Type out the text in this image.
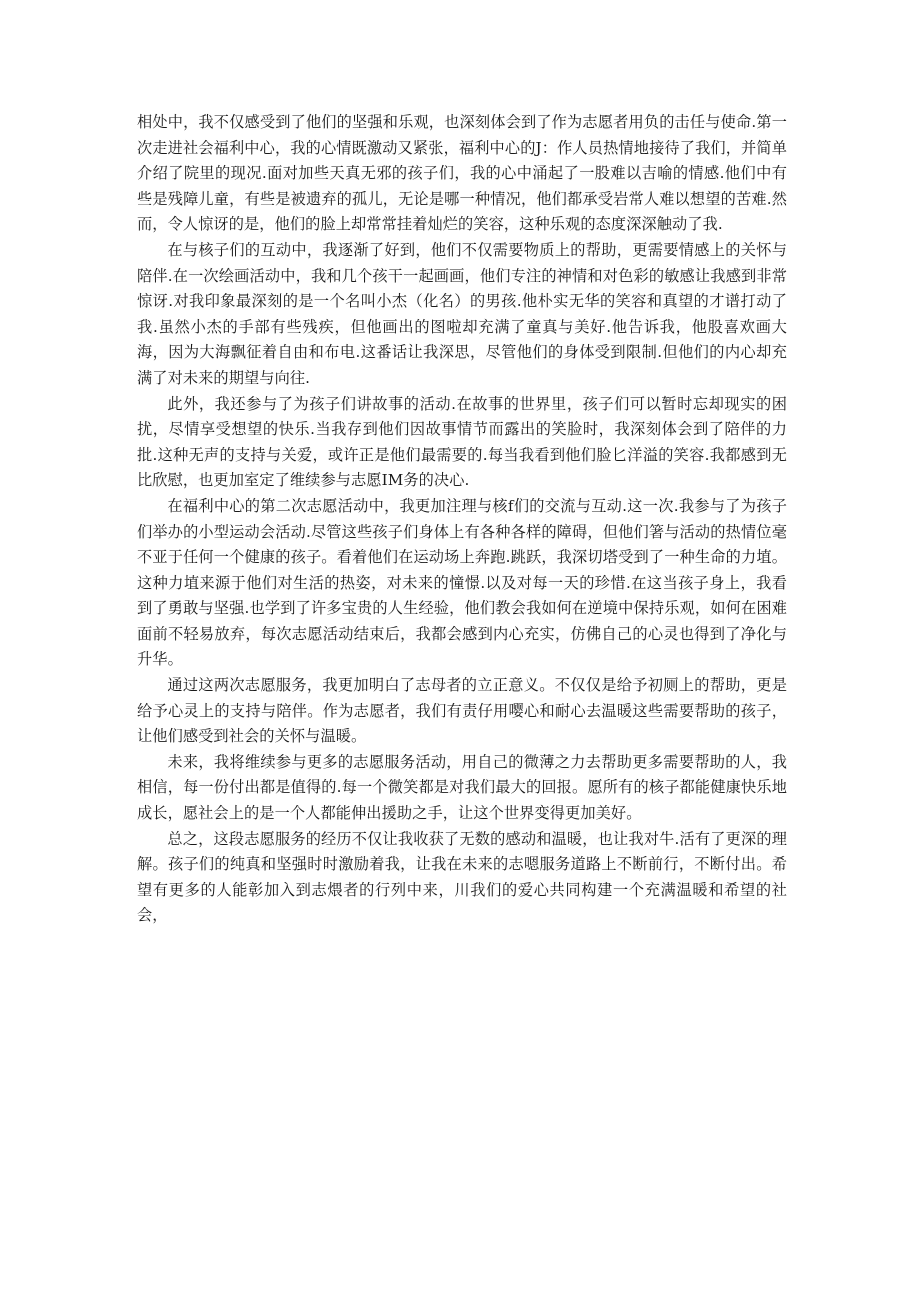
相处中，我不仅感受到了他们的坚强和乐观，也深刻体会到了作为志愿者用负的击任与使命.第一次走进社会福利中心，我的心情既激动又紧张，福利中心的J：作人员热情地接待了我们，并简单介绍了院里的现况.面对加些天真无邪的孩子们，我的心中涌起了一股难以吉喻的情感.他们中有些是残障儿童，有些是被遗弃的孤儿，无论是哪一种情况，他们都承受岩常人难以想望的苦难.然而，令人惊讶的是，他们的脸上却常常挂着灿烂的笑容，这种乐观的态度深深触动了我.

在与核子们的互动中，我逐渐了好到，他们不仅需要物质上的帮助，更需要情感上的关怀与陪伴.在一次绘画活动中，我和几个孩干一起画画，他们专注的神情和对色彩的敏感让我感到非常惊讶.对我印象最深刻的是一个名叫小杰（化名）的男孩.他朴实无华的笑容和真望的才谱打动了我.虽然小杰的手部有些残疾，但他画出的图啦却充满了童真与美好.他告诉我，他股喜欢画大海，因为大海飘征着自由和布电.这番话让我深思，尽管他们的身体受到限制.但他们的内心却充满了对未来的期望与向往.

此外，我还参与了为孩子们讲故事的活动.在故事的世界里，孩子们可以暂时忘却现实的困扰，尽情享受想望的快乐.当我存到他们因故事情节而露出的笑脸时，我深刻体会到了陪伴的力批.这种无声的支持与关爱，或许正是他们最需要的.每当我看到他们脸匕洋溢的笑容.我都感到无比欣慰，也更加室定了维续参与志愿IM务的决心.

在福利中心的第二次志愿活动中，我更加注理与核f们的交流与互动.这一次.我参与了为孩子们举办的小型运动会活动.尽管这些孩子们身体上有各种各样的障碍，但他们箸与活动的热情位毫不亚于任何一个健康的孩子。看着他们在运动场上奔跑.跳跃，我深切塔受到了一种生命的力埴。这种力埴来源于他们对生活的热姿，对未来的憧憬.以及对每一天的珍惜.在这当孩子身上，我看到了勇敢与坚强.也学到了许多宝贵的人生经验，他们教会我如何在逆境中保持乐观，如何在困难面前不轻易放弃，每次志愿活动结束后，我都会感到内心充实，仿佛自己的心灵也得到了净化与升华。

通过这两次志愿服务，我更加明白了志母者的立正意义。不仅仅是给予初厕上的帮助，更是给予心灵上的支持与陪伴。作为志愿者，我们有责仔用嘤心和耐心去温暖这些需要帮助的孩子，让他们感受到社会的关怀与温暖。

未来，我将维续参与更多的志愿服务活动，用自己的微薄之力去帮助更多需要帮助的人，我相信，每一份付出都是值得的.每一个微笑都是对我们最大的回报。愿所有的核子都能健康快乐地成长，愿社会上的是一个人都能伸出援助之手，让这个世界变得更加美好。

总之，这段志愿服务的经历不仅让我收获了无数的感动和温暖，也让我对牛.活有了更深的理解。孩子们的纯真和坚强时时激励着我，让我在未来的志嗯服务道路上不断前行，不断付出。希望有更多的人能彰加入到志煨者的行列中来，川我们的爱心共同构建一个充满温暖和希望的社会，
